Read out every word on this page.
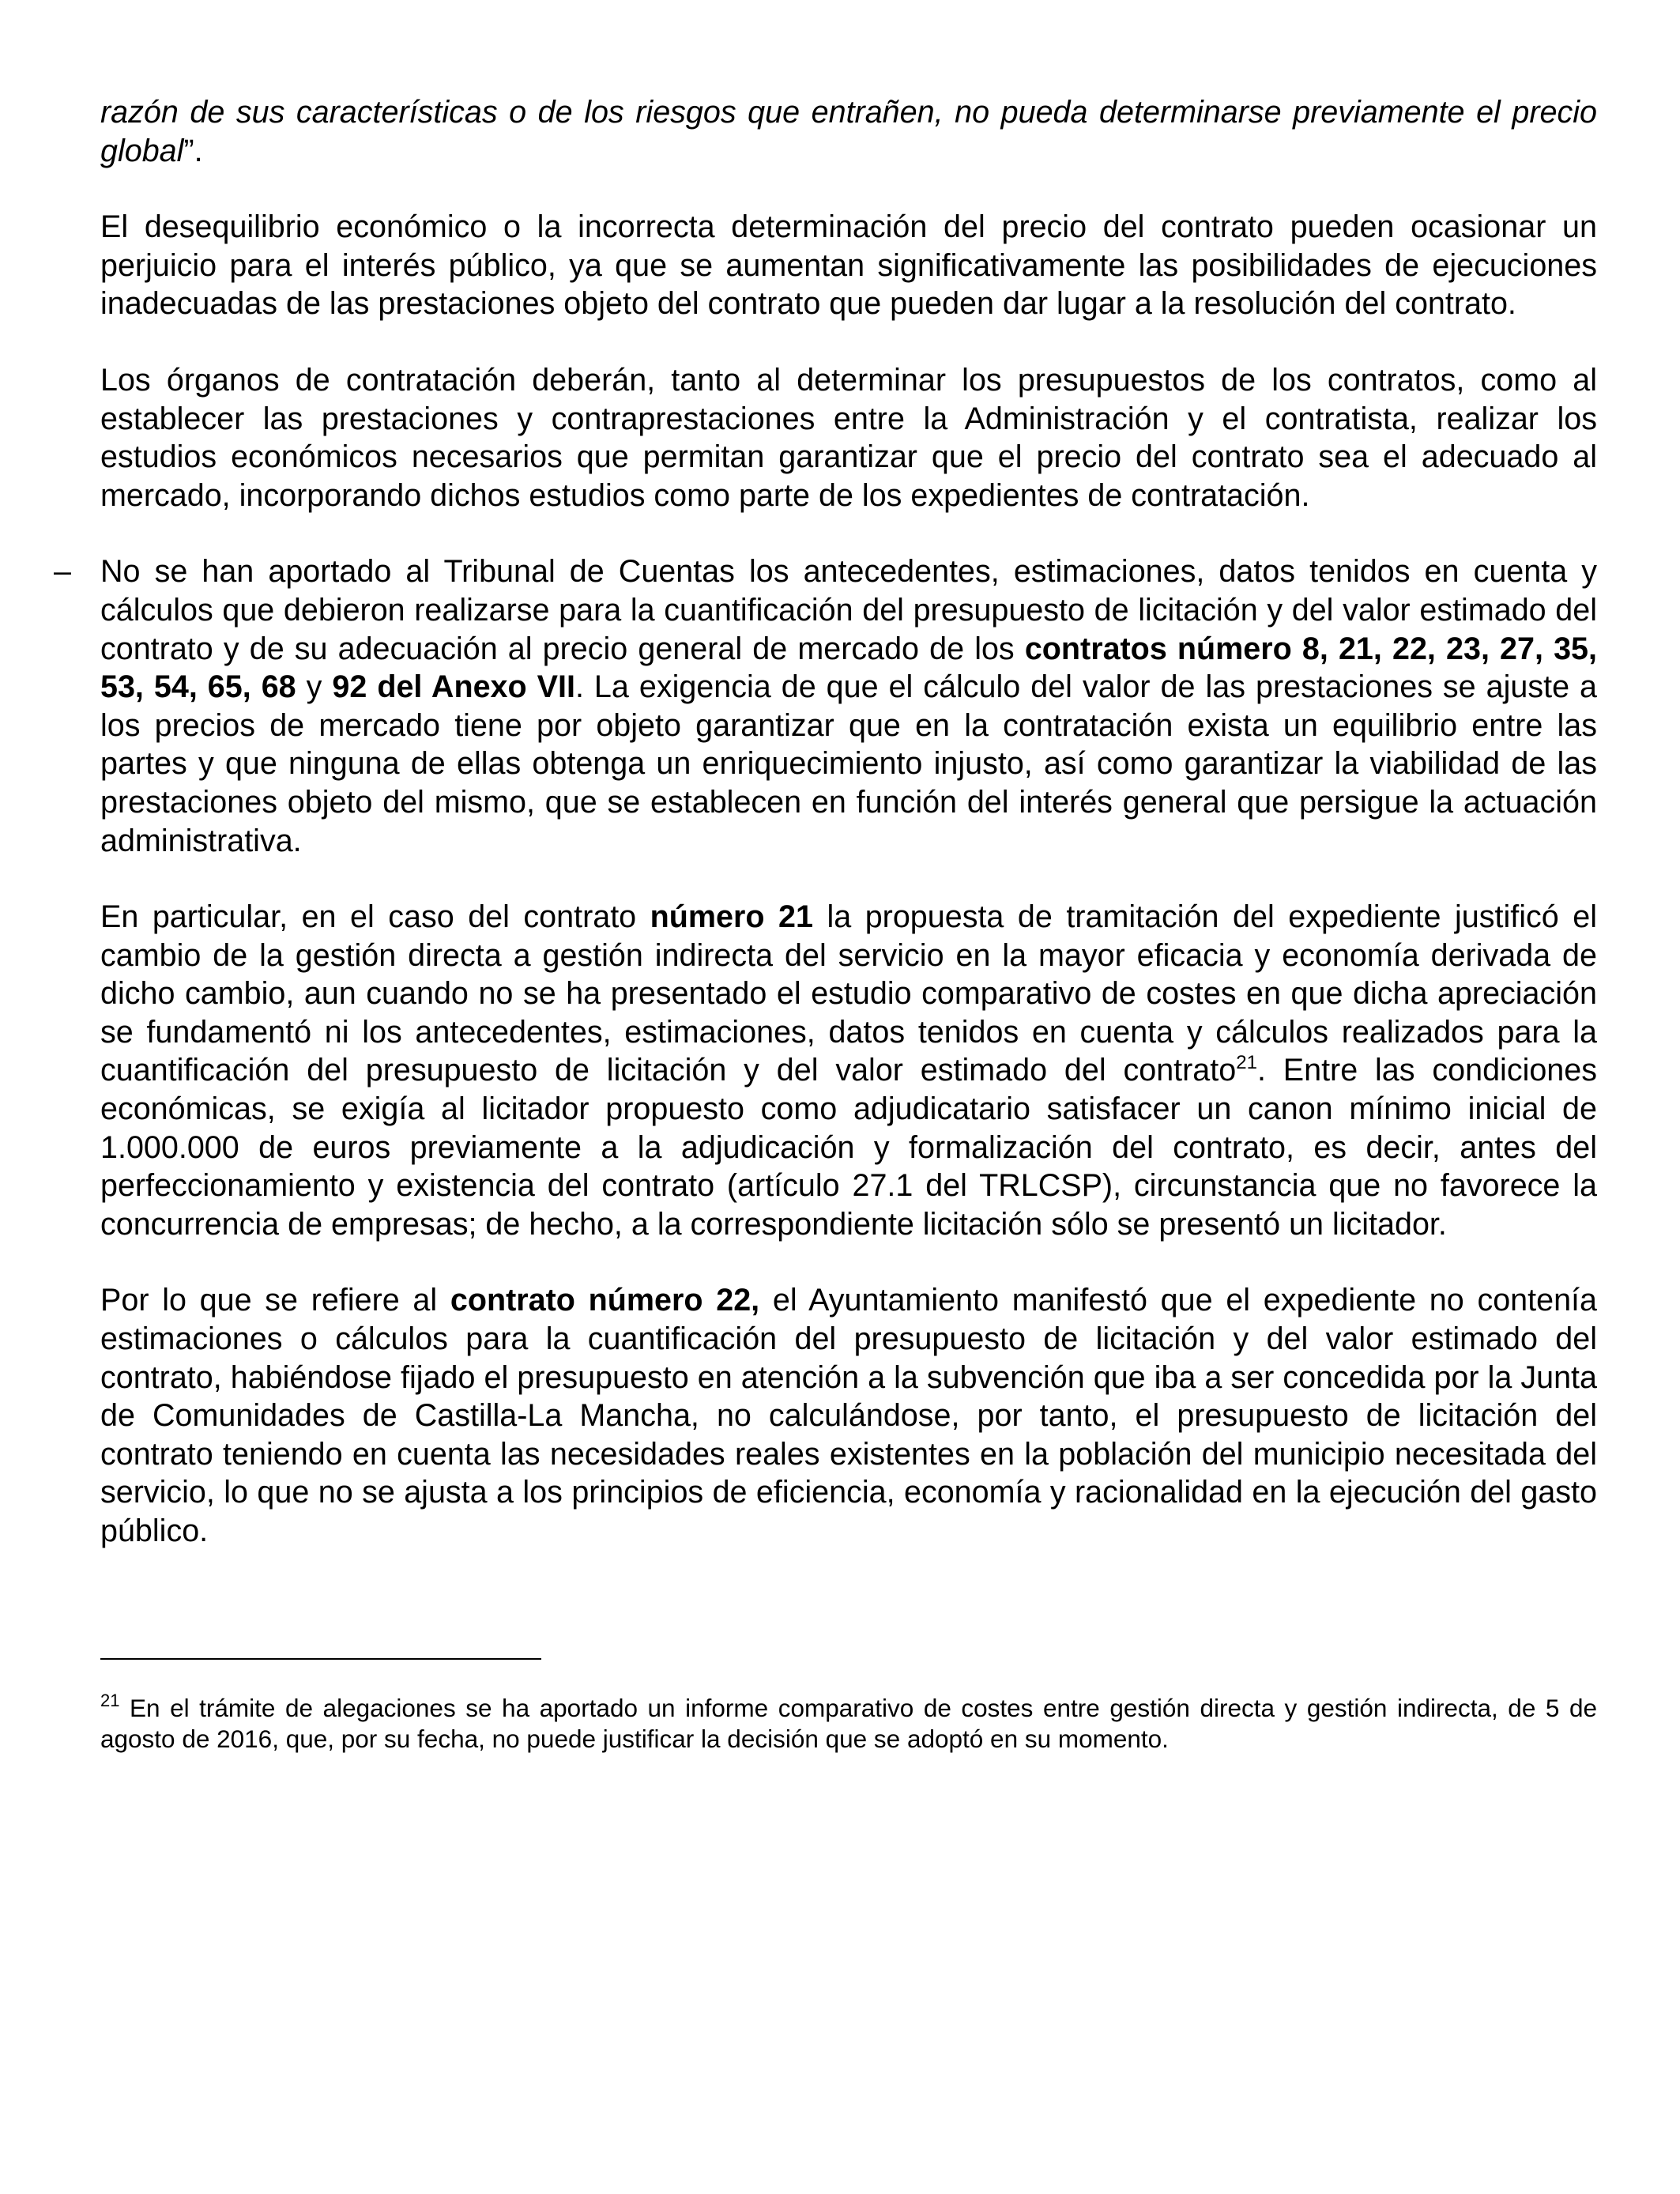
razón de sus características o de los riesgos que entrañen, no pueda determinarse previamente el precio global”.

El desequilibrio económico o la incorrecta determinación del precio del contrato pueden ocasionar un perjuicio para el interés público, ya que se aumentan significativamente las posibilidades de ejecuciones inadecuadas de las prestaciones objeto del contrato que pueden dar lugar a la resolución del contrato.

Los órganos de contratación deberán, tanto al determinar los presupuestos de los contratos, como al establecer las prestaciones y contraprestaciones entre la Administración y el contratista, realizar los estudios económicos necesarios que permitan garantizar que el precio del contrato sea el adecuado al mercado, incorporando dichos estudios como parte de los expedientes de contratación.

– No se han aportado al Tribunal de Cuentas los antecedentes, estimaciones, datos tenidos en cuenta y cálculos que debieron realizarse para la cuantificación del presupuesto de licitación y del valor estimado del contrato y de su adecuación al precio general de mercado de los contratos número 8, 21, 22, 23, 27, 35, 53, 54, 65, 68 y 92 del Anexo VII. La exigencia de que el cálculo del valor de las prestaciones se ajuste a los precios de mercado tiene por objeto garantizar que en la contratación exista un equilibrio entre las partes y que ninguna de ellas obtenga un enriquecimiento injusto, así como garantizar la viabilidad de las prestaciones objeto del mismo, que se establecen en función del interés general que persigue la actuación administrativa.

En particular, en el caso del contrato número 21 la propuesta de tramitación del expediente justificó el cambio de la gestión directa a gestión indirecta del servicio en la mayor eficacia y economía derivada de dicho cambio, aun cuando no se ha presentado el estudio comparativo de costes en que dicha apreciación se fundamentó ni los antecedentes, estimaciones, datos tenidos en cuenta y cálculos realizados para la cuantificación del presupuesto de licitación y del valor estimado del contrato$^{21}$. Entre las condiciones económicas, se exigía al licitador propuesto como adjudicatario satisfacer un canon mínimo inicial de 1.000.000 de euros previamente a la adjudicación y formalización del contrato, es decir, antes del perfeccionamiento y existencia del contrato (artículo 27.1 del TRLCSP), circunstancia que no favorece la concurrencia de empresas; de hecho, a la correspondiente licitación sólo se presentó un licitador.

Por lo que se refiere al contrato número 22, el Ayuntamiento manifestó que el expediente no contenía estimaciones o cálculos para la cuantificación del presupuesto de licitación y del valor estimado del contrato, habiéndose fijado el presupuesto en atención a la subvención que iba a ser concedida por la Junta de Comunidades de Castilla-La Mancha, no calculándose, por tanto, el presupuesto de licitación del contrato teniendo en cuenta las necesidades reales existentes en la población del municipio necesitada del servicio, lo que no se ajusta a los principios de eficiencia, economía y racionalidad en la ejecución del gasto público.

$^{21}$ En el trámite de alegaciones se ha aportado un informe comparativo de costes entre gestión directa y gestión indirecta, de 5 de agosto de 2016, que, por su fecha, no puede justificar la decisión que se adoptó en su momento.
